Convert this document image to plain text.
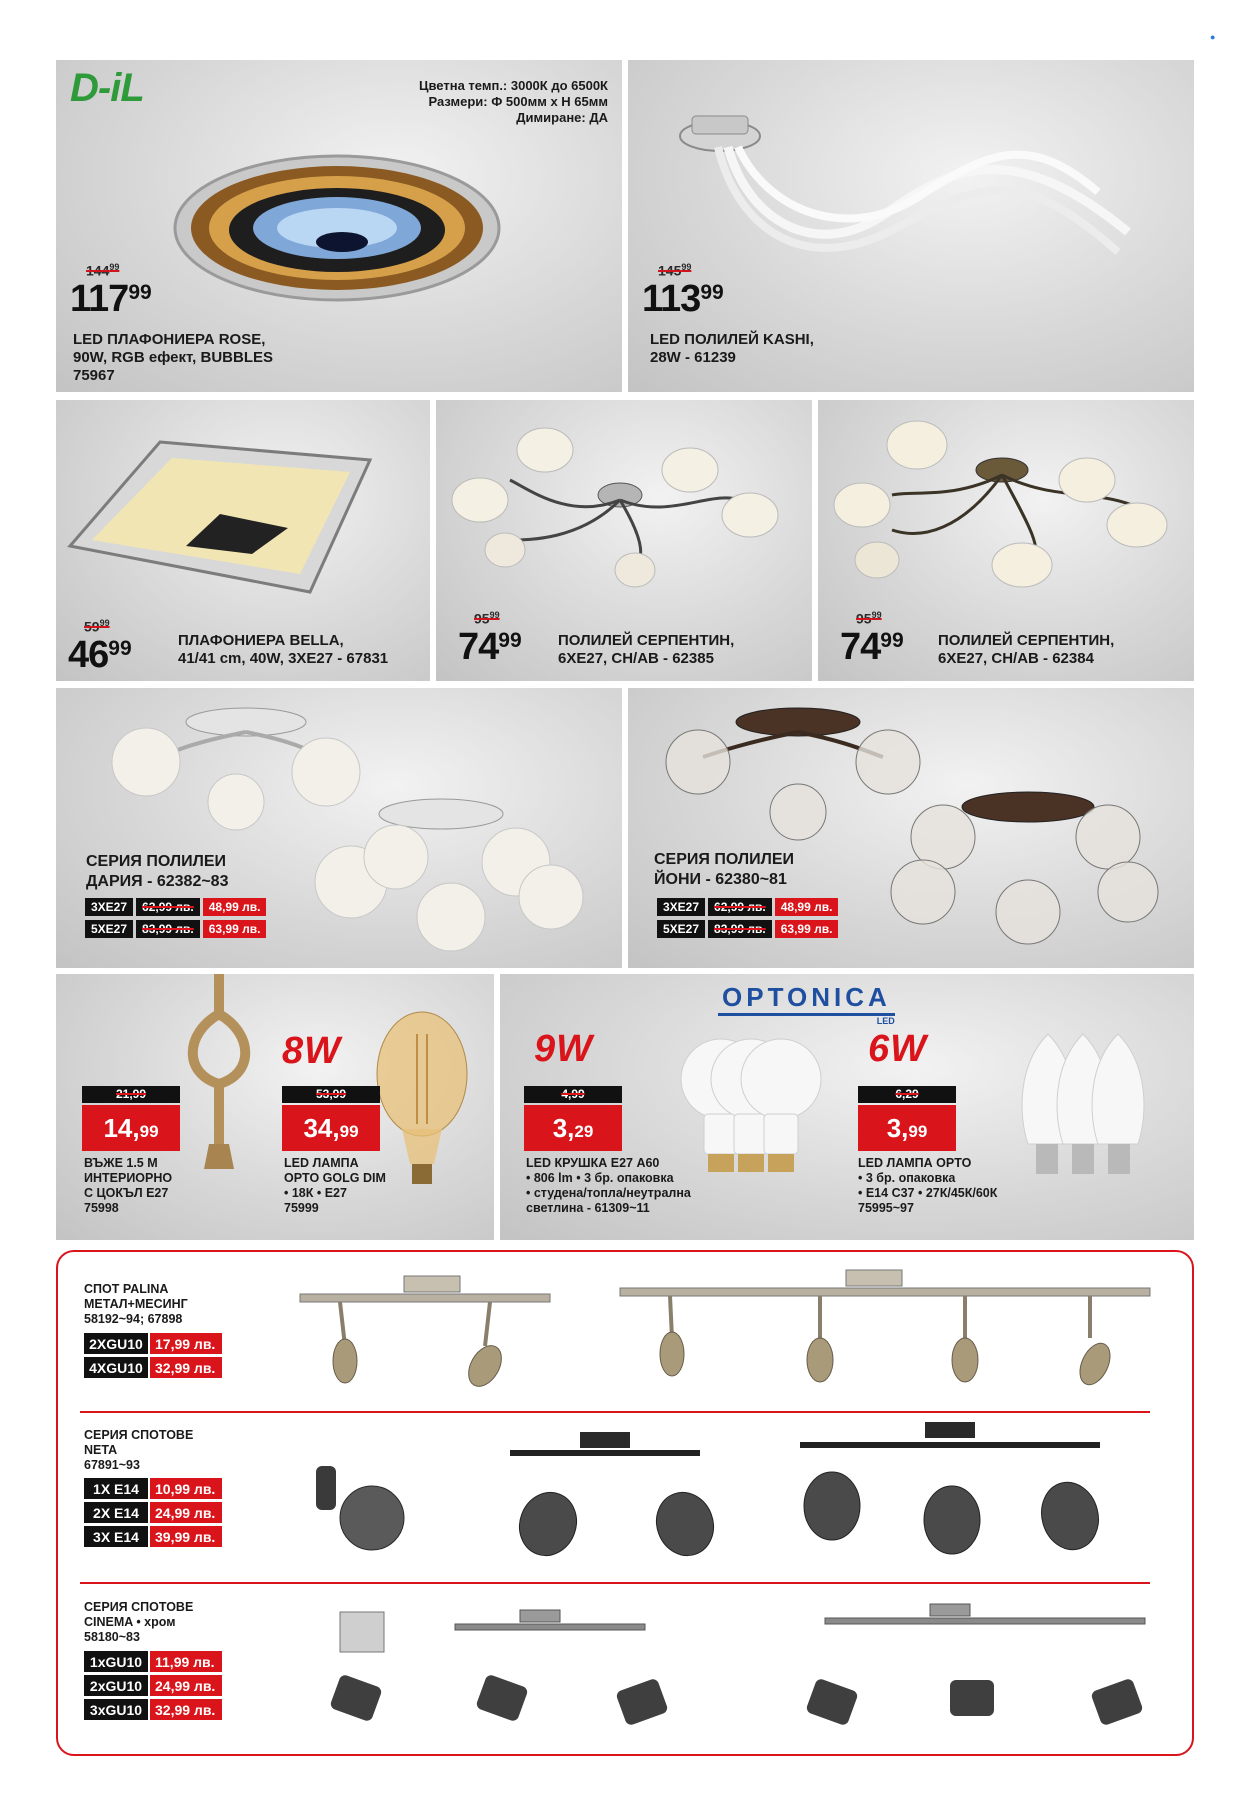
●
D-iL	Цветна темп.: 3000К до 6500К
Размери: Ф 500мм х Н 65мм
Димиране: ДА
$144^{99}$
$117^{99}$
LED ПЛАФОНИЕРА ROSE,
90W, RGB ефект, BUBBLES
75967
$145^{99}$
$113^{99}$
LED ПОЛИЛЕЙ KASHI,
28W - 61239
$59^{99}$
$46^{99}$	ПЛАФОНИЕРА BELLA,
41/41 cm, 40W, 3XE27 - 67831
$95^{99}$
$74^{99}$ ПОЛИЛЕЙ СЕРПЕНТИН,
6XE27, CH/AB - 62385
$95^{99}$
$74^{99}$ ПОЛИЛЕЙ СЕРПЕНТИН,
6XE27, CH/AB - 62384
СЕРИЯ ПОЛИЛЕИ
ДАРИЯ - 62382~83
3XE27	62,99 лв.	48,99 лв.
5XE27	83,99 лв.	63,99 лв.
СЕРИЯ ПОЛИЛЕИ
ЙОНИ - 62380~81
3XE27	62,99 лв.	48,99 лв.
5XE27	83,99 лв.	63,99 лв.
21,99
14,99
ВЪЖЕ 1.5 М
ИНТЕРИОРНО
С ЦОКЪЛ Е27
75998
8W
53,99
34,99
LED ЛАМПА
OPTO GOLG DIM
• 18К • Е27
75999
OPTONICA
LED
9W
4,99
3,29
LED КРУШКА Е27 А60
• 806 lm • 3 бр. опаковка
• студена/топла/неутрална
светлина - 61309~11
6W
6,29
3,99
LED ЛАМПА OPTO
• 3 бр. опаковка
• Е14 С37 • 27К/45К/60К
75995~97
СПОТ PALINA
МЕТАЛ+МЕСИНГ
58192~94; 67898
2XGU10	17,99 лв.
4XGU10	32,99 лв.
СЕРИЯ СПОТОВЕ
NETA
67891~93
1X E14	10,99 лв.
2X E14	24,99 лв.
3X E14	39,99 лв.
СЕРИЯ СПОТОВЕ
CINEMA • хром
58180~83
1xGU10	11,99 лв.
2xGU10	24,99 лв.
3xGU10	32,99 лв.
